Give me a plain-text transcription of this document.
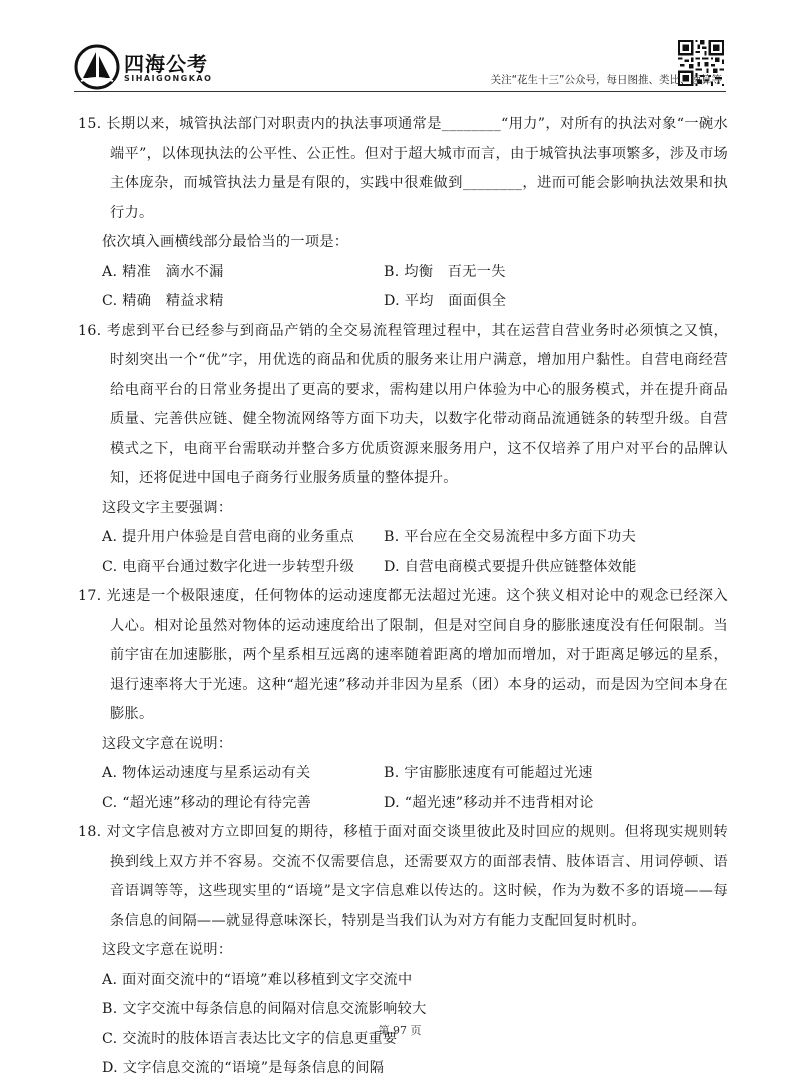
四海公考
SIHAIGONGKAO	关注“花生十三”公众号，每日图推、类比、速算等

15. 长期以来，城管执法部门对职责内的执法事项通常是________“用力”，对所有的执法对象“一碗水端平”，以体现执法的公平性、公正性。但对于超大城市而言，由于城管执法事项繁多，涉及市场主体庞杂，而城管执法力量是有限的，实践中很难做到________，进而可能会影响执法效果和执行力。

依次填入画横线部分最恰当的一项是：

A. 精准　滴水不漏	B. 均衡　百无一失
C. 精确　精益求精	D. 平均　面面俱全

16. 考虑到平台已经参与到商品产销的全交易流程管理过程中，其在运营自营业务时必须慎之又慎，时刻突出一个“优”字，用优选的商品和优质的服务来让用户满意，增加用户黏性。自营电商经营给电商平台的日常业务提出了更高的要求，需构建以用户体验为中心的服务模式，并在提升商品质量、完善供应链、健全物流网络等方面下功夫，以数字化带动商品流通链条的转型升级。自营模式之下，电商平台需联动并整合多方优质资源来服务用户，这不仅培养了用户对平台的品牌认知，还将促进中国电子商务行业服务质量的整体提升。

这段文字主要强调：

A. 提升用户体验是自营电商的业务重点	B. 平台应在全交易流程中多方面下功夫
C. 电商平台通过数字化进一步转型升级	D. 自营电商模式要提升供应链整体效能

17. 光速是一个极限速度，任何物体的运动速度都无法超过光速。这个狭义相对论中的观念已经深入人心。相对论虽然对物体的运动速度给出了限制，但是对空间自身的膨胀速度没有任何限制。当前宇宙在加速膨胀，两个星系相互远离的速率随着距离的增加而增加，对于距离足够远的星系，退行速率将大于光速。这种“超光速”移动并非因为星系（团）本身的运动，而是因为空间本身在膨胀。

这段文字意在说明：

A. 物体运动速度与星系运动有关	B. 宇宙膨胀速度有可能超过光速
C. “超光速”移动的理论有待完善	D. “超光速”移动并不违背相对论

18. 对文字信息被对方立即回复的期待，移植于面对面交谈里彼此及时回应的规则。但将现实规则转换到线上双方并不容易。交流不仅需要信息，还需要双方的面部表情、肢体语言、用词停顿、语音语调等等，这些现实里的“语境”是文字信息难以传达的。这时候，作为为数不多的语境——每条信息的间隔——就显得意味深长，特别是当我们认为对方有能力支配回复时机时。

这段文字意在说明：

A. 面对面交流中的“语境”难以移植到文字交流中
B. 文字交流中每条信息的间隔对信息交流影响较大
C. 交流时的肢体语言表达比文字的信息更重要
D. 文字信息交流的“语境”是每条信息的间隔
第 97 页
